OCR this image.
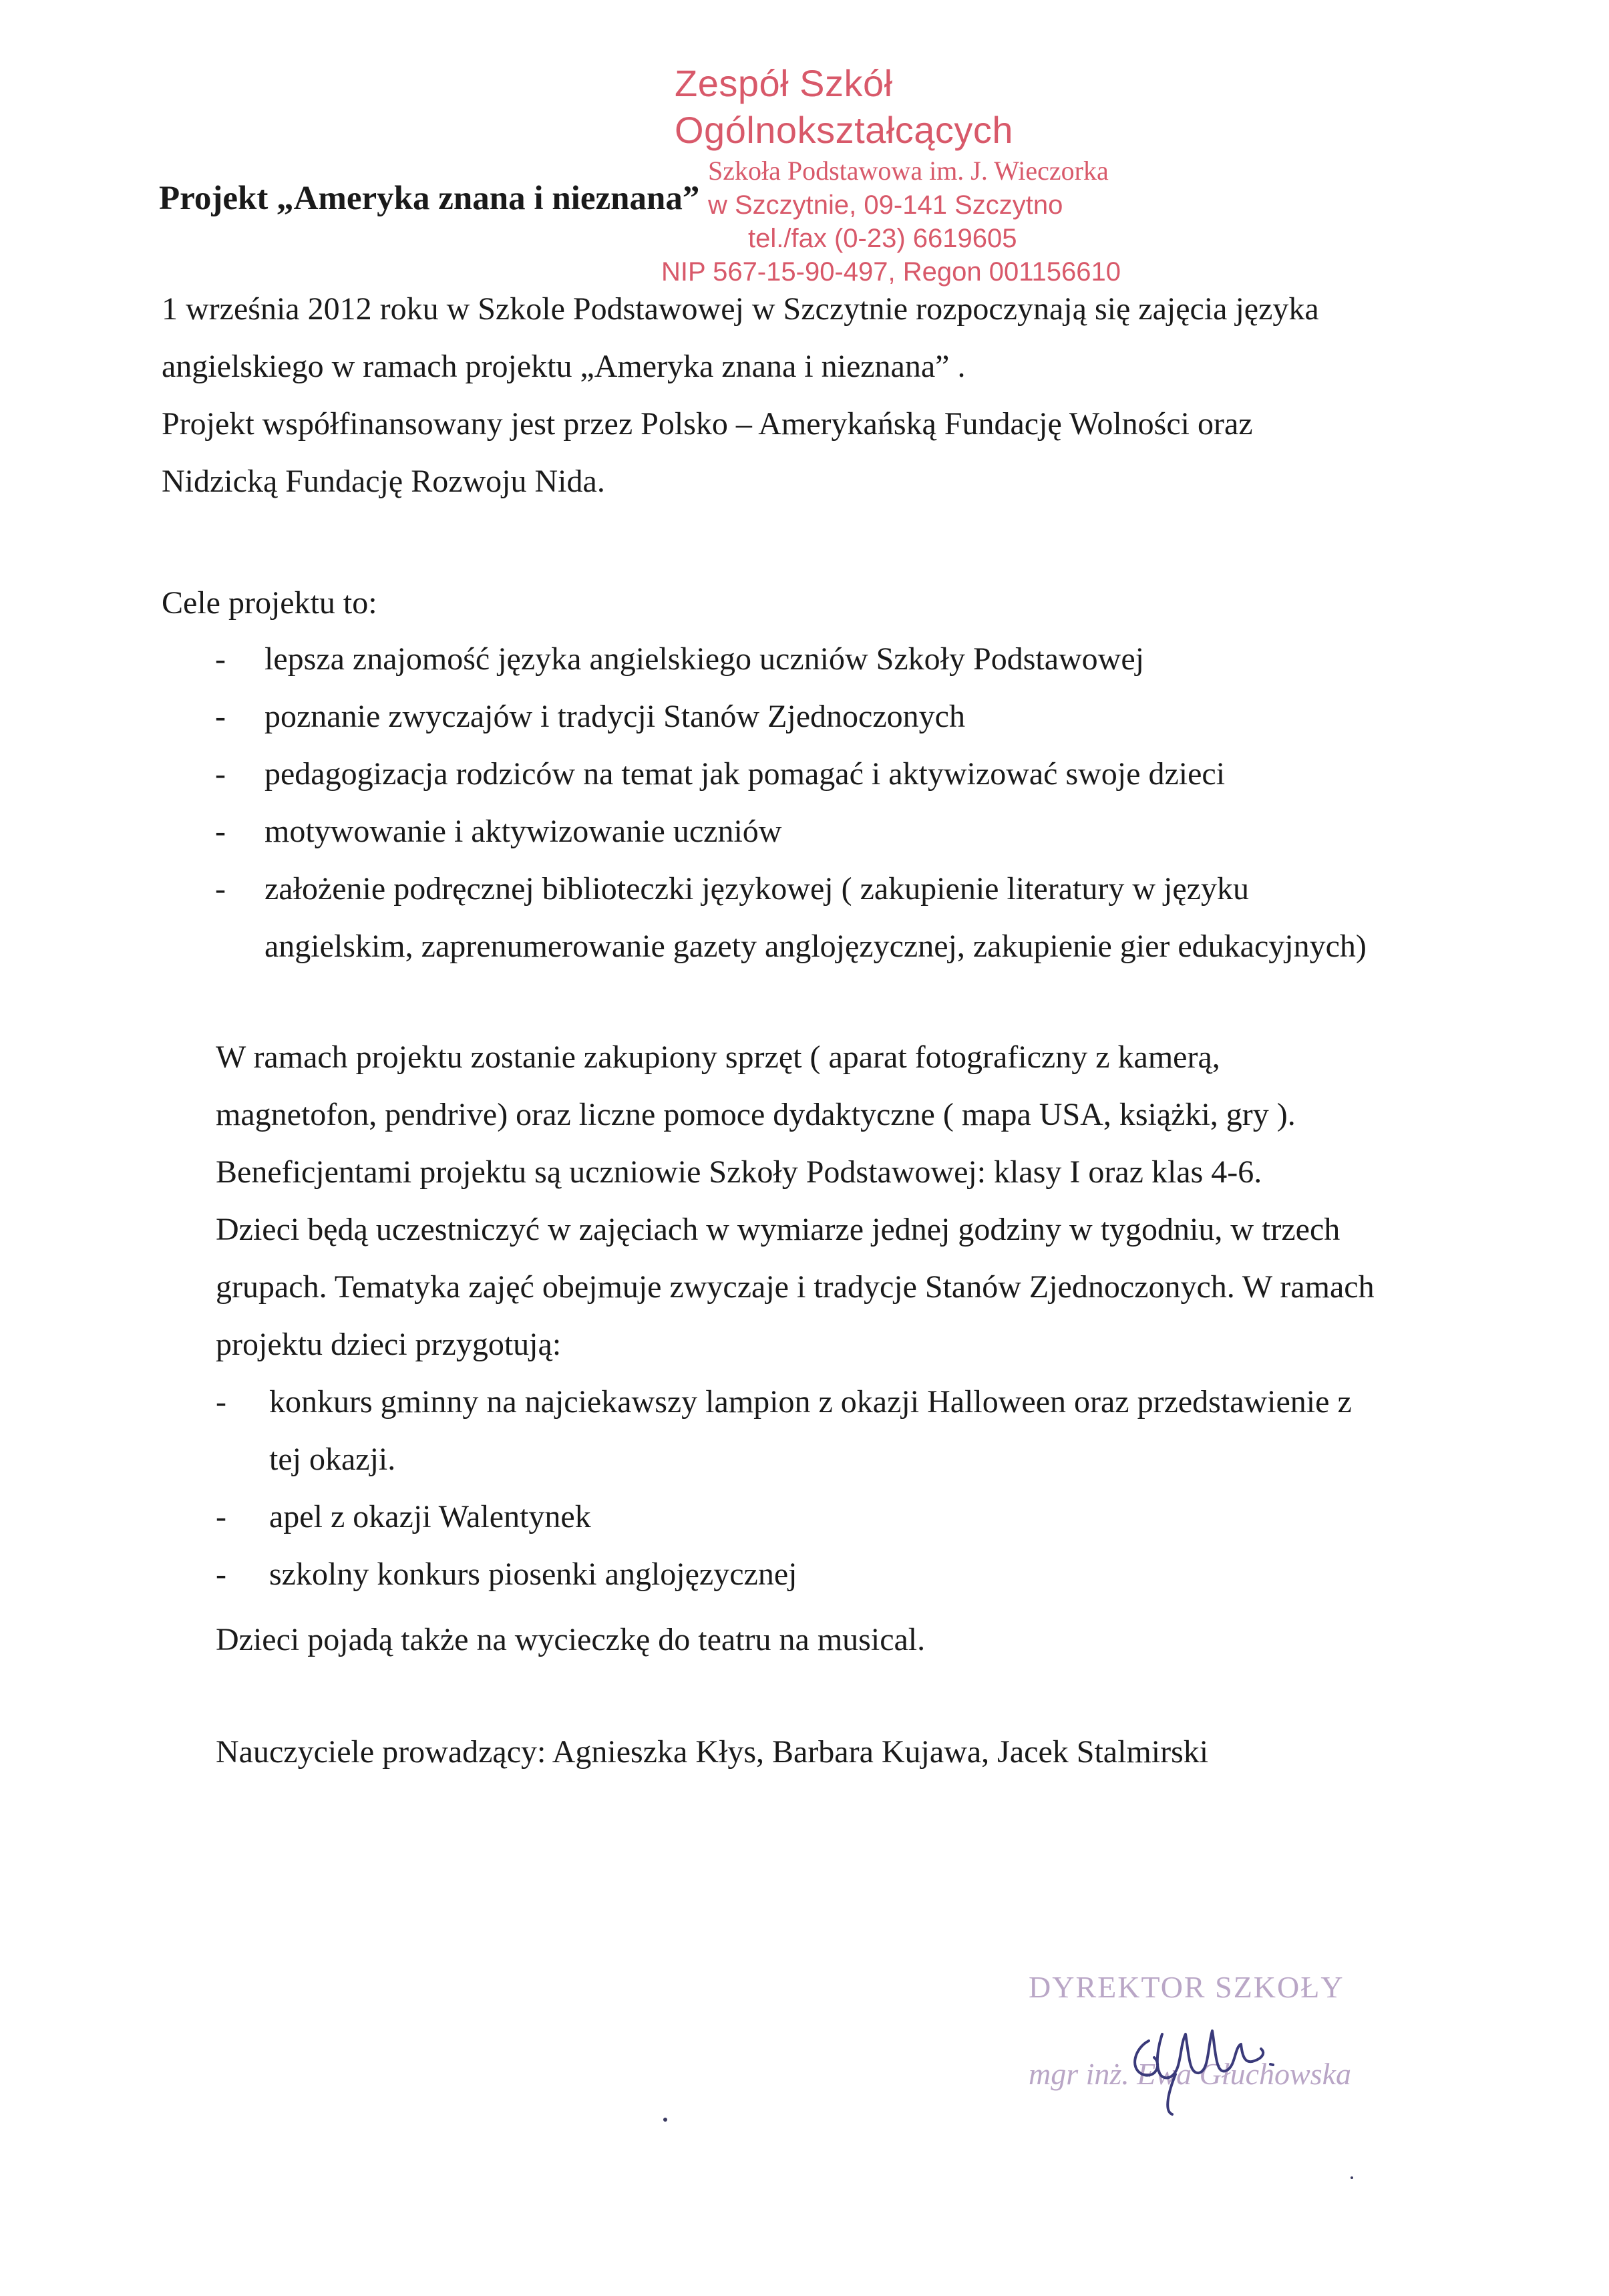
Zespół Szkół Ogólnokształcących
Szkoła Podstawowa im. J. Wieczorka
w Szczytnie, 09-141 Szczytno
tel./fax (0-23) 6619605
NIP 567-15-90-497, Regon 001156610
Projekt „Ameryka znana i nieznana”
1 września 2012 roku w Szkole Podstawowej w Szczytnie rozpoczynają się zajęcia języka
angielskiego w ramach projektu „Ameryka znana i nieznana” .
Projekt współfinansowany jest przez Polsko – Amerykańską Fundację Wolności oraz
Nidzicką Fundację Rozwoju Nida.
Cele projektu to:
- lepsza znajomość języka angielskiego uczniów Szkoły Podstawowej
- poznanie zwyczajów i tradycji Stanów Zjednoczonych
- pedagogizacja rodziców na temat jak pomagać i aktywizować swoje dzieci
- motywowanie i aktywizowanie uczniów
- założenie podręcznej biblioteczki językowej ( zakupienie literatury w języku
angielskim, zaprenumerowanie gazety anglojęzycznej, zakupienie gier edukacyjnych)
W ramach projektu zostanie zakupiony sprzęt ( aparat fotograficzny z kamerą,
magnetofon, pendrive) oraz liczne pomoce dydaktyczne ( mapa USA, książki, gry ).
Beneficjentami projektu są uczniowie Szkoły Podstawowej: klasy I oraz klas 4-6.
Dzieci będą uczestniczyć w zajęciach w wymiarze jednej godziny w tygodniu, w trzech
grupach. Tematyka zajęć obejmuje zwyczaje i tradycje Stanów Zjednoczonych. W ramach
projektu dzieci przygotują:
- konkurs gminny na najciekawszy lampion z okazji Halloween oraz przedstawienie z
tej okazji.
- apel z okazji Walentynek
- szkolny konkurs piosenki anglojęzycznej
Dzieci pojadą także na wycieczkę do teatru na musical.
Nauczyciele prowadzący: Agnieszka Kłys, Barbara Kujawa, Jacek Stalmirski
DYREKTOR SZKOŁY
mgr inż. Ewa Głuchowska
